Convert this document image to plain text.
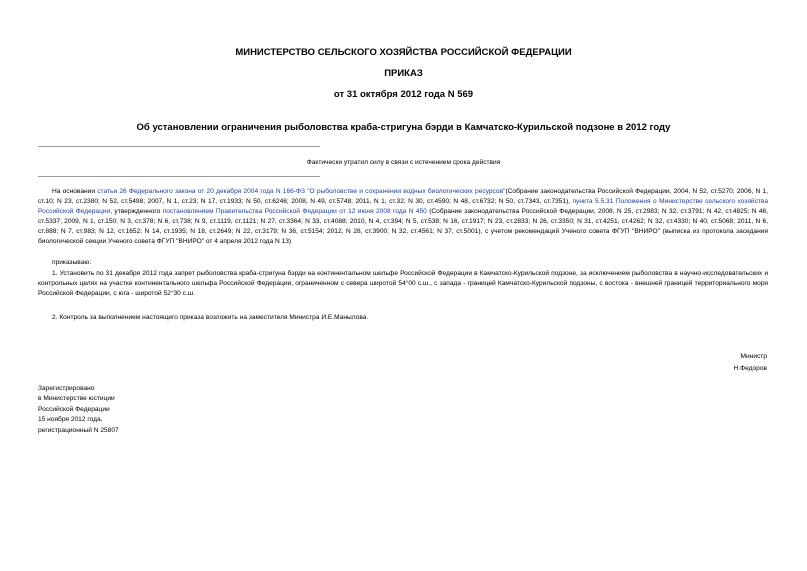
МИНИСТЕРСТВО СЕЛЬСКОГО ХОЗЯЙСТВА РОССИЙСКОЙ ФЕДЕРАЦИИ
ПРИКАЗ
от 31 октября 2012 года N 569
Об установлении ограничения рыболовства краба-стригуна бэрди в Камчатско-Курильской подзоне в 2012 году
Фактически утратил силу в связи с истечением срока действия
На основании статьи 26 Федерального закона от 20 декабря 2004 года N 166-ФЗ "О рыболовстве и сохранении водных биологических ресурсов"(Собрание законодательства Российской Федерации, 2004, N 52, ст.5270; 2006, N 1, ст.10; N 23, ст.2380; N 52, ст.5498; 2007, N 1, ст.23; N 17, ст.1933; N 50, ст.6246; 2008, N 49, ст.5748; 2011, N 1, ст.32; N 30, ст.4590; N 48, ст.6732; N 50, ст.7343, ст.7351), пункта 5.5.31 Положения о Министерстве сельского хозяйства Российской Федерации, утвержденного постановлением Правительства Российской Федерации от 12 июня 2008 года N 450 (Собрание законодательства Российской Федерации, 2008, N 25, ст.2983; N 32, ст.3791; N 42, ст.4825; N 46, ст.5337; 2009, N 1, ст.150; N 3, ст.378; N 6, ст.738; N 9, ст.1119, ст.1121; N 27, ст.3364; N 33, ст.4088; 2010, N 4, ст.394; N 5, ст.538; N 16, ст.1917; N 23, ст.2833; N 26, ст.3350; N 31, ст.4251, ст.4262; N 32, ст.4330; N 40, ст.5068; 2011, N 6, ст.888; N 7, ст.983; N 12, ст.1652; N 14, ст.1935; N 18, ст.2649; N 22, ст.3179; N 36, ст.5154; 2012, N 28, ст.3900; N 32, ст.4561; N 37, ст.5001), с учетом рекомендаций Ученого совета ФГУП "ВНИРО" (выписка из протокола заседания биологической секции Ученого совета ФГУП "ВНИРО" от 4 апреля 2012 года N 13)
приказываю:
1. Установить по 31 декабря 2012 года запрет рыболовства краба-стригуна бэрди на континентальном шельфе Российской Федерации в Камчатско-Курильской подзоне, за исключением рыболовства в научно-исследовательских и контрольных целях на участке континентального шельфа Российской Федерации, ограниченном с севера широтой 54°00 с.ш., с запада - границей Камчатско-Курильской подзоны, с востока - внешней границей территориального моря Российской Федерации, с юга - широтой 52°30 с.ш.
2. Контроль за выполнением настоящего приказа возложить на заместителя Министра И.Е.Манылова.
Министр
Н.Федоров
Зарегистрировано
в Министерстве юстиции
Российской Федерации
15 ноября 2012 года,
регистрационный N 25807
